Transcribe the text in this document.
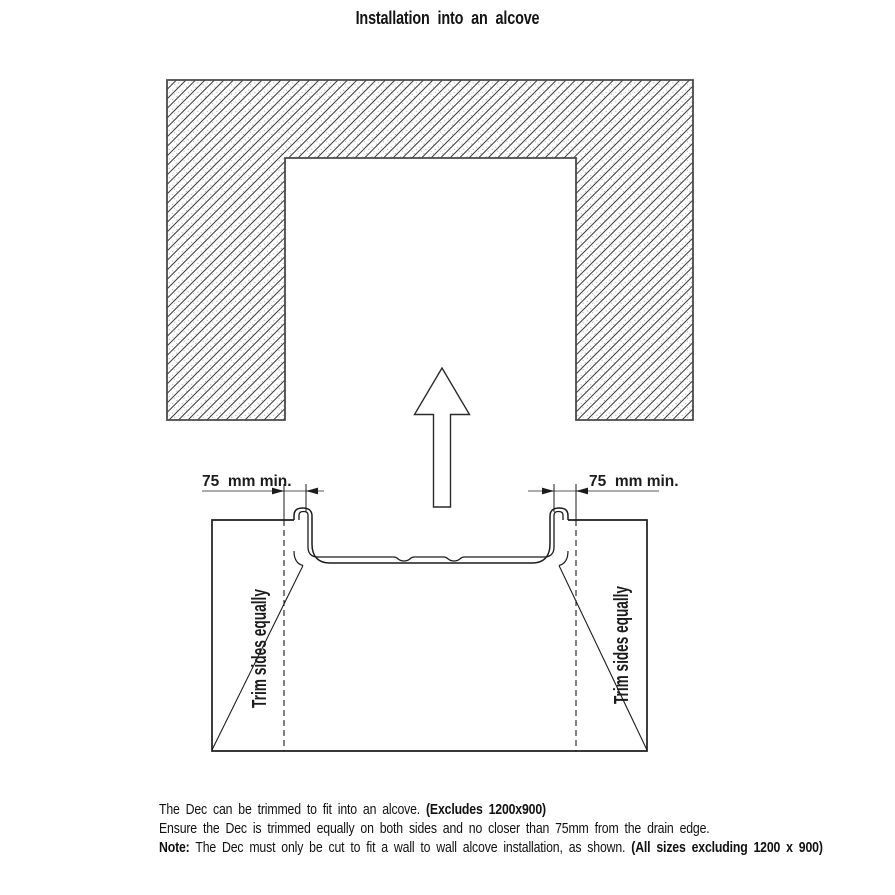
Installation into an alcove
75  mm min.	75  mm min.
Trim sides equally	Trim sides equally
The Dec can be trimmed to fit into an alcove. (Excludes 1200x900)
Ensure the Dec is trimmed equally on both sides and no closer than 75mm from the drain edge.
Note: The Dec must only be cut to fit a wall to wall alcove installation, as shown. (All sizes excluding 1200 x 900)
